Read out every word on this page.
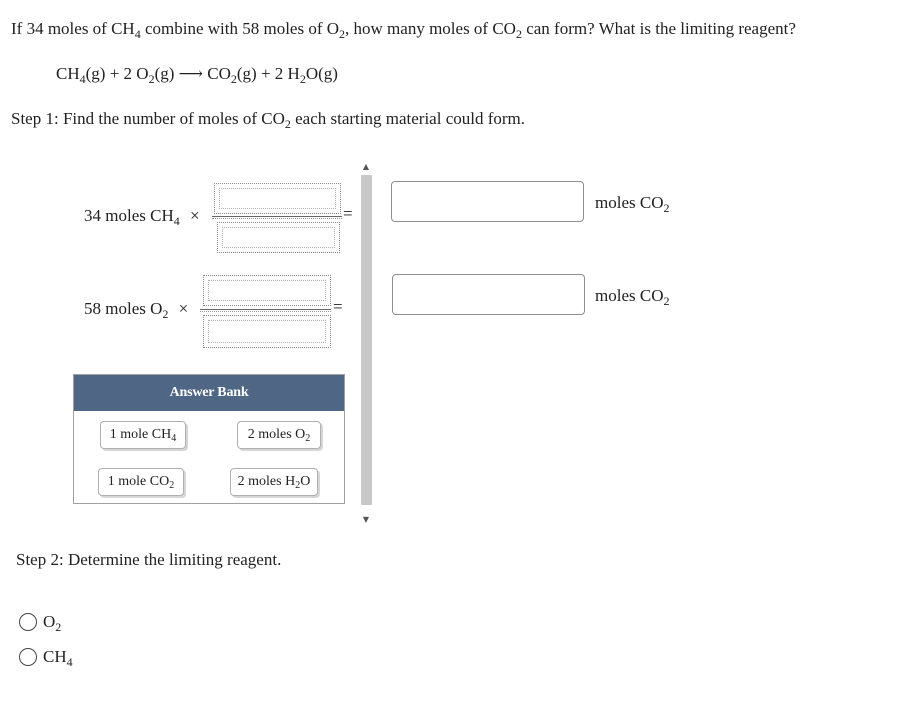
If 34 moles of $CH_4$ combine with 58 moles of $O_2$, how many moles of $CO_2$ can form? What is the limiting reagent?
$CH_4(g) + 2$ $O_2(g)$ ⟶ $CO_2(g) + 2$ $H_2O(g)$
Step 1: Find the number of moles of $CO_2$ each starting material could form.
34 moles $CH_4$ ×	=
moles $CO_2$
58 moles $O_2$ ×	=
moles $CO_2$
▲
▼
Answer Bank
1 mole $CH_4$	2 moles $O_2$
1 mole $CO_2$	2 moles $H_2O$
Step 2: Determine the limiting reagent.
$O_2$
$CH_4$
